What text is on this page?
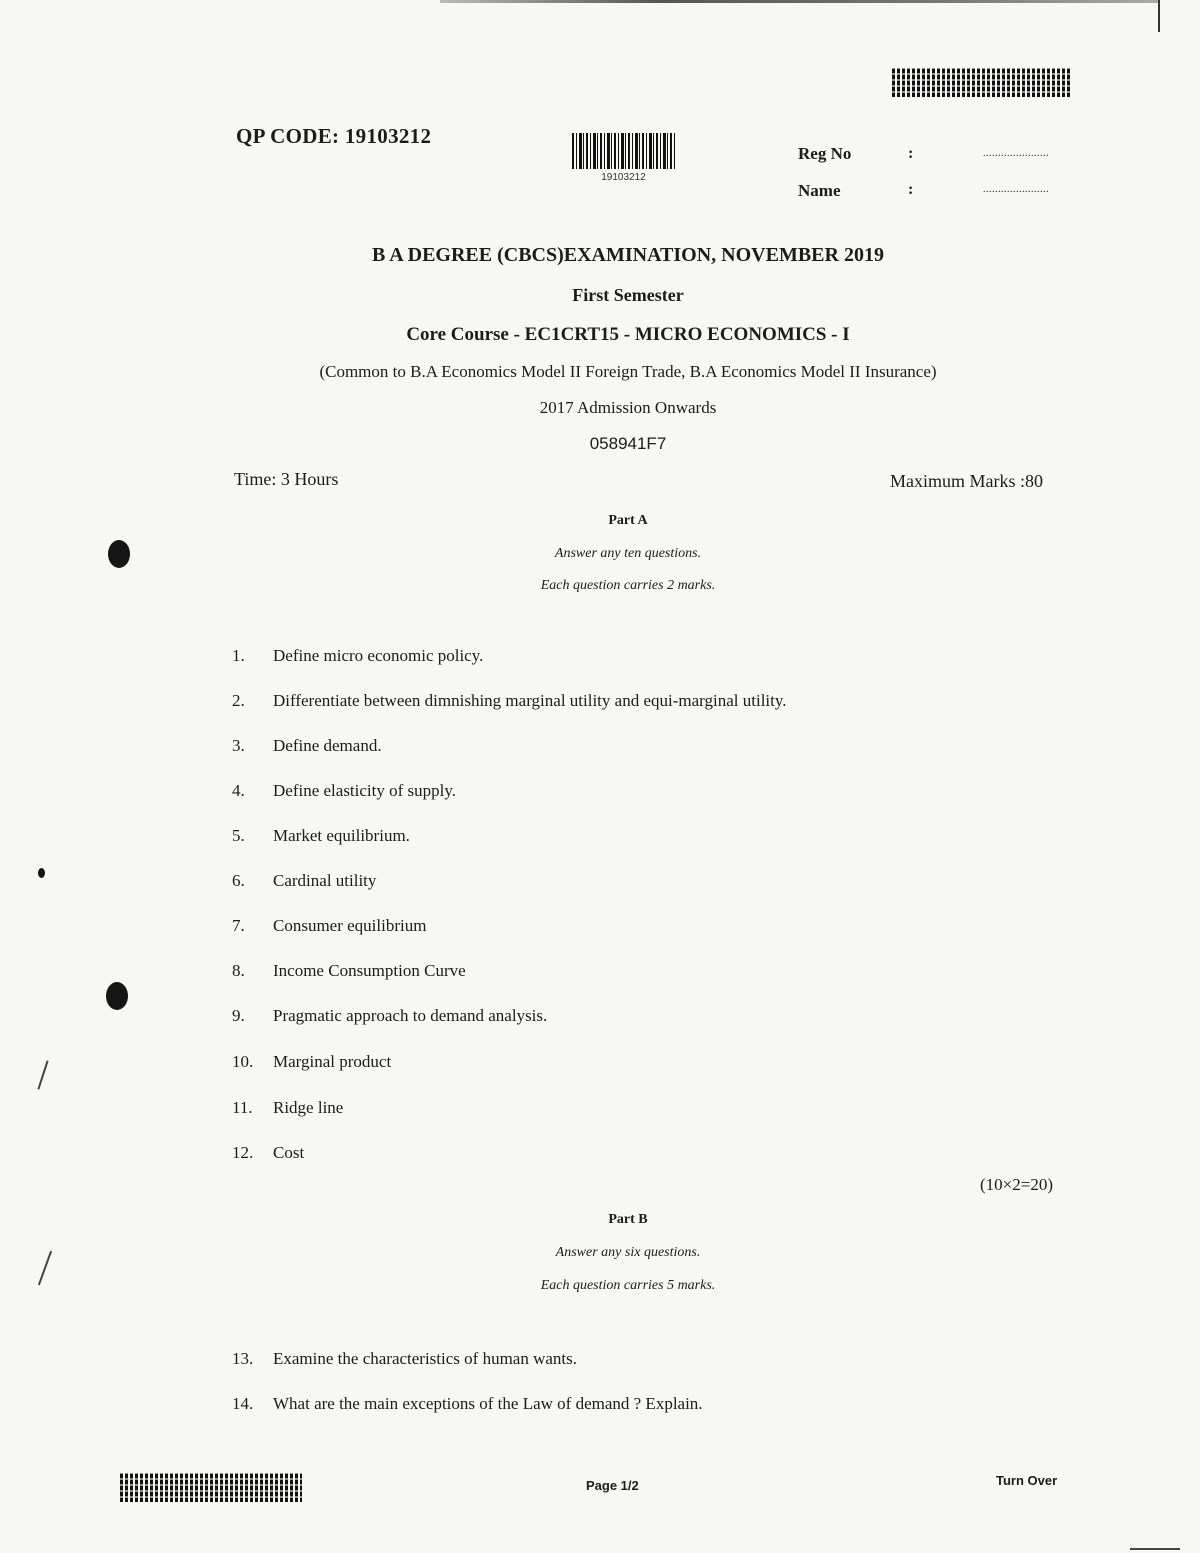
QP CODE: 19103212
19103212
Reg No	:	......................
Name	:	......................
B A DEGREE (CBCS)EXAMINATION, NOVEMBER 2019
First Semester
Core Course - EC1CRT15 - MICRO ECONOMICS - I
(Common to B.A Economics Model II Foreign Trade, B.A Economics Model II Insurance)
2017 Admission Onwards
058941F7
Time: 3 Hours	Maximum Marks :80
Part A
Answer any ten questions.
Each question carries 2 marks.
1. Define micro economic policy.
2. Differentiate between dimnishing marginal utility and equi-marginal utility.
3. Define demand.
4. Define elasticity of supply.
5. Market equilibrium.
6. Cardinal utility
7. Consumer equilibrium
8. Income Consumption Curve
9. Pragmatic approach to demand analysis.
10. Marginal product
11. Ridge line
12. Cost
(10×2=20)
Part B
Answer any six questions.
Each question carries 5 marks.
13. Examine the characteristics of human wants.
14. What are the main exceptions of the Law of demand ? Explain.
Page 1/2	Turn Over
